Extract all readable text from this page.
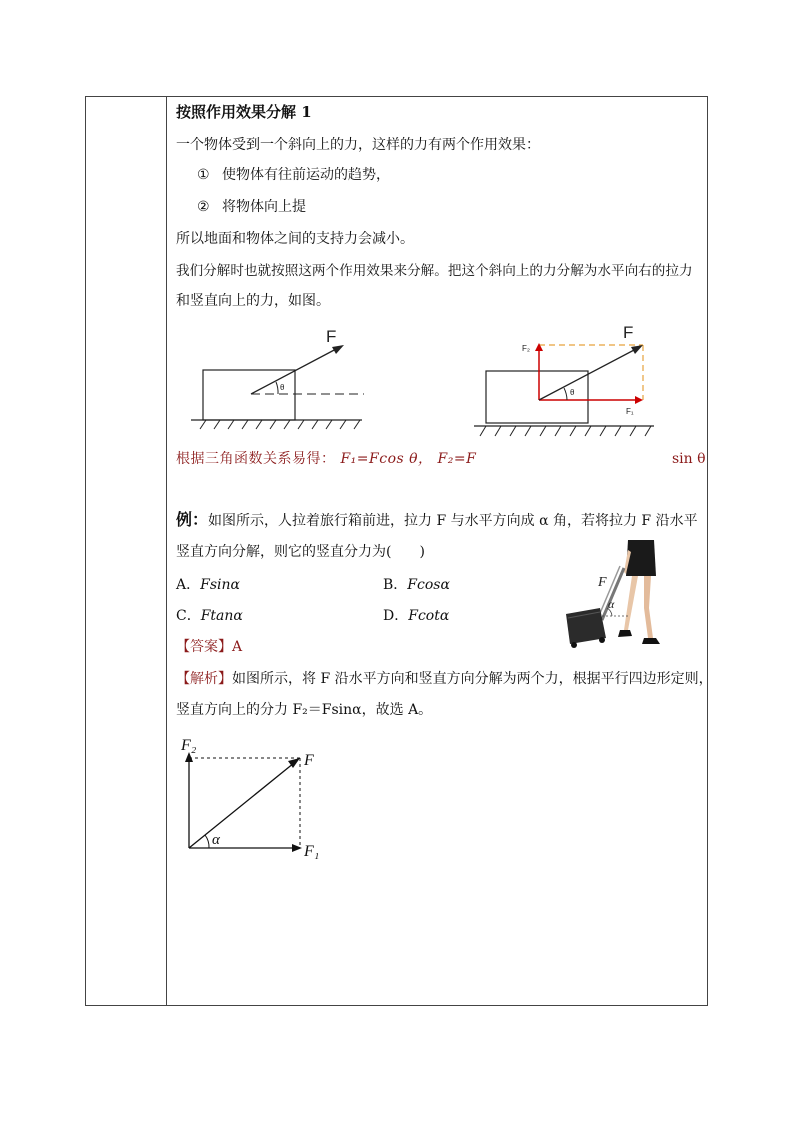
按照作用效果分解 1
一个物体受到一个斜向上的力，这样的力有两个作用效果：
① 使物体有往前运动的趋势，
② 将物体向上提
所以地面和物体之间的支持力会减小。
我们分解时也就按照这两个作用效果来分解。把这个斜向上的力分解为水平向右的拉力
和竖直向上的力，如图。
F
θ
F
F₂
F₁
θ
根据三角函数关系易得： F₁=Fcos θ， F₂=F	sin θ
例：如图所示，人拉着旅行箱前进，拉力 F 与水平方向成 α 角，若将拉力 F 沿水平
竖直方向分解，则它的竖直分力为(　　)
A．Fsinα	B．Fcosα
C．Ftanα	D．Fcotα
α
F
【答案】A
【解析】如图所示，将 F 沿水平方向和竖直方向分解为两个力，根据平行四边形定则，
竖直方向上的分力 F₂＝Fsinα，故选 A。
F₂
F
F₁
α
